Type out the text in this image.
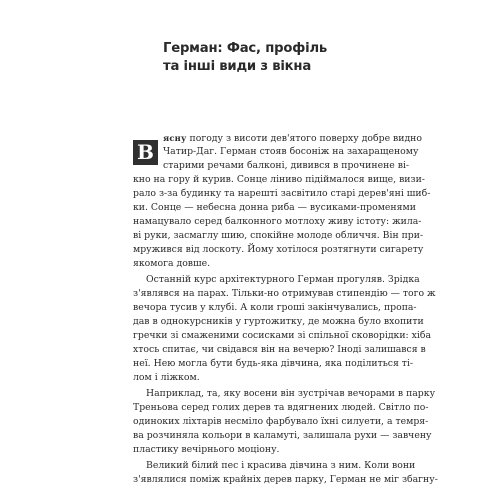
Герман: Фас, профіль
та інші види з вікна
В
ясну погоду з висоти дев'ятого поверху добре видно
Чатир-Даг. Герман стояв босоніж на захаращеному
старими речами балконі, дивився в прочинене ві-
кно на гору й курив. Сонце ліниво підіймалося вище, визи-
рало з-за будинку та нарешті засвітило старі дерев'яні шиб-
ки. Сонце — небесна донна риба — вусиками-променями
намацувало серед балконного мотлоху живу істоту: жила-
ві руки, засмаглу шию, спокійне молоде обличчя. Він при-
мружився від лоскоту. Йому хотілося розтягнути сигарету
якомога довше.
Останній курс архітектурного Герман прогуляв. Зрідка
з'являвся на парах. Тільки-но отримував стипендію — того ж
вечора тусив у клубі. А коли гроші закінчувались, пропа-
дав в однокурсників у гуртожитку, де можна було вхопити
гречки зі смаженими сосисками зі спільної сковорідки: хіба
хтось спитає, чи свідався він на вечерю? Іноді залишався в
неї. Нею могла бути будь-яка дівчина, яка поділиться ті-
лом і ліжком.
Наприклад, та, яку восени він зустрічав вечорами в парку
Треньова серед голих дерев та вдягнених людей. Світло по-
одиноких ліхтарів несміло фарбувало їхні силуети, а темря-
ва розчиняла кольори в каламуті, залишала рухи — завчену
пластику вечірнього моціону.
Великий білий пес і красива дівчина з ним. Коли вони
з'являлися поміж крайніх дерев парку, Герман не міг збагну-
